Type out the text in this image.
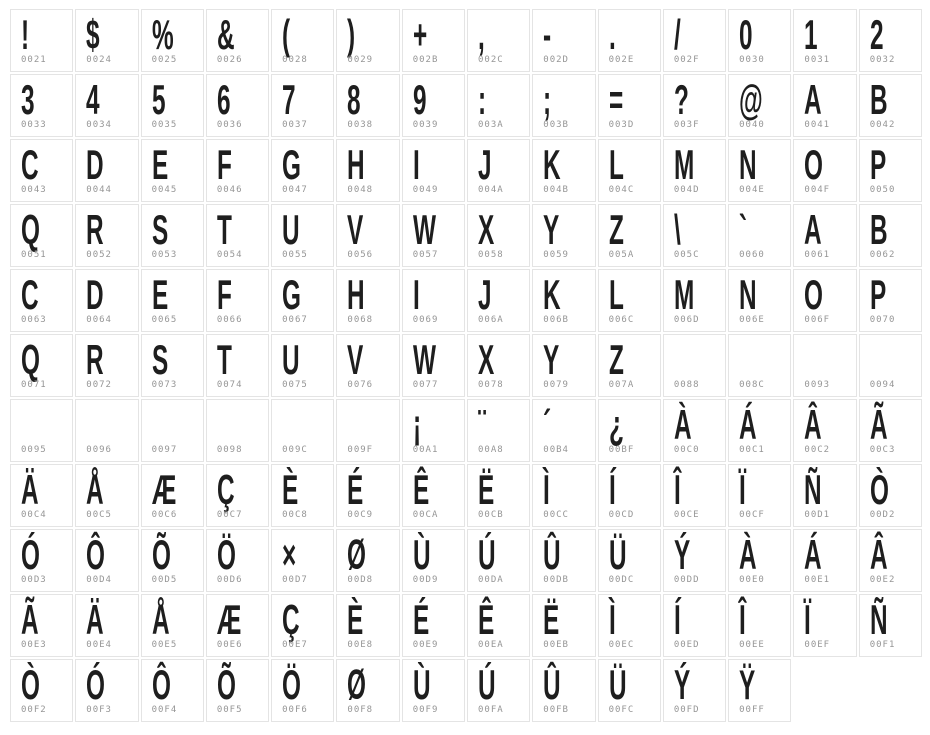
!
0021
$
0024
%
0025
&
0026
(
0028
)
0029
+
002B
,
002C
-
002D
.
002E
/
002F
0
0030
1
0031
2
0032
3
0033
4
0034
5
0035
6
0036
7
0037
8
0038
9
0039
:
003A
;
003B
=
003D
?
003F
@
0040
A
0041
B
0042
C
0043
D
0044
E
0045
F
0046
G
0047
H
0048
I
0049
J
004A
K
004B
L
004C
M
004D
N
004E
O
004F
P
0050
Q
0051
R
0052
S
0053
T
0054
U
0055
V
0056
W
0057
X
0058
Y
0059
Z
005A
\
005C
`
0060
A
0061
B
0062
C
0063
D
0064
E
0065
F
0066
G
0067
H
0068
I
0069
J
006A
K
006B
L
006C
M
006D
N
006E
O
006F
P
0070
Q
0071
R
0072
S
0073
T
0074
U
0075
V
0076
W
0077
X
0078
Y
0079
Z
007A	0088	008C	0093	0094
0095	0096	0097	0098	009C	009F
¡
00A1
¨
00A8
´
00B4
¿
00BF
À
00C0
Á
00C1
Â
00C2
Ã
00C3
Ä
00C4
Å
00C5
Æ
00C6
Ç
00C7
È
00C8
É
00C9
Ê
00CA
Ë
00CB
Ì
00CC
Í
00CD
Î
00CE
Ï
00CF
Ñ
00D1
Ò
00D2
Ó
00D3
Ô
00D4
Õ
00D5
Ö
00D6
×
00D7
Ø
00D8
Ù
00D9
Ú
00DA
Û
00DB
Ü
00DC
Ý
00DD
À
00E0
Á
00E1
Â
00E2
Ã
00E3
Ä
00E4
Å
00E5
Æ
00E6
Ç
00E7
È
00E8
É
00E9
Ê
00EA
Ë
00EB
Ì
00EC
Í
00ED
Î
00EE
Ï
00EF
Ñ
00F1
Ò
00F2
Ó
00F3
Ô
00F4
Õ
00F5
Ö
00F6
Ø
00F8
Ù
00F9
Ú
00FA
Û
00FB
Ü
00FC
Ý
00FD
Ÿ
00FF
